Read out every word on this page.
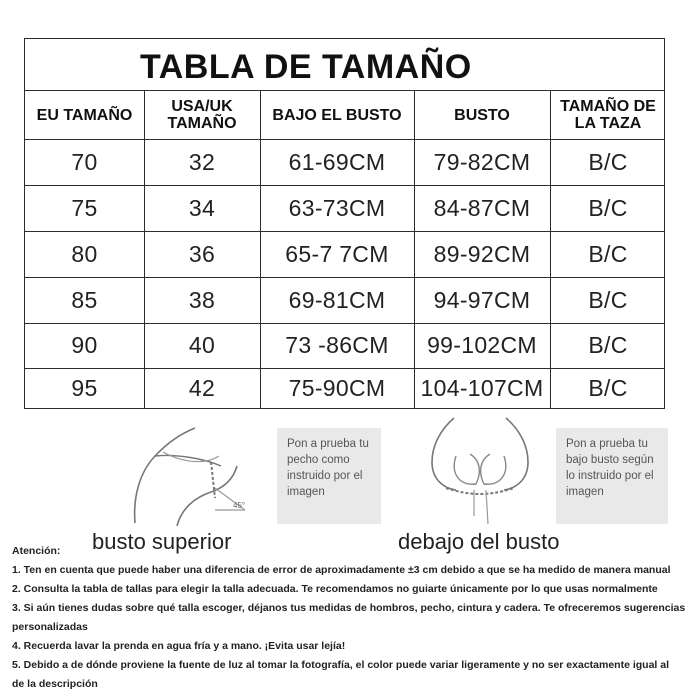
TABLA DE TAMAÑO
EU TAMAÑO	USA/UK TAMAÑO	BAJO EL BUSTO	BUSTO	TAMAÑO DE LA TAZA
70	32	61-69CM	79-82CM	B/C
75	34	63-73CM	84-87CM	B/C
80	36	65-7 7CM	89-92CM	B/C
85	38	69-81CM	94-97CM	B/C
90	40	73 -86CM	99-102CM	B/C
95	42	75-90CM	104-107CM	B/C
45°
Pon a prueba tu pecho como instruido por el imagen
busto superior
Pon a prueba tu bajo busto según lo instruido por el imagen
debajo del busto
Atención:
1. Ten en cuenta que puede haber una diferencia de error de aproximadamente ±3 cm debido a que se ha medido de manera manual
2. Consulta la tabla de tallas para elegir la talla adecuada. Te recomendamos no guiarte únicamente por lo que usas normalmente
3. Si aún tienes dudas sobre qué talla escoger, déjanos tus medidas de hombros, pecho, cintura y cadera. Te ofreceremos sugerencias
personalizadas
4. Recuerda lavar la prenda en agua fría y a mano. ¡Evita usar lejía!
5. Debido a de dónde proviene la fuente de luz al tomar la fotografía, el color puede variar ligeramente y no ser exactamente igual al
de la descripción
